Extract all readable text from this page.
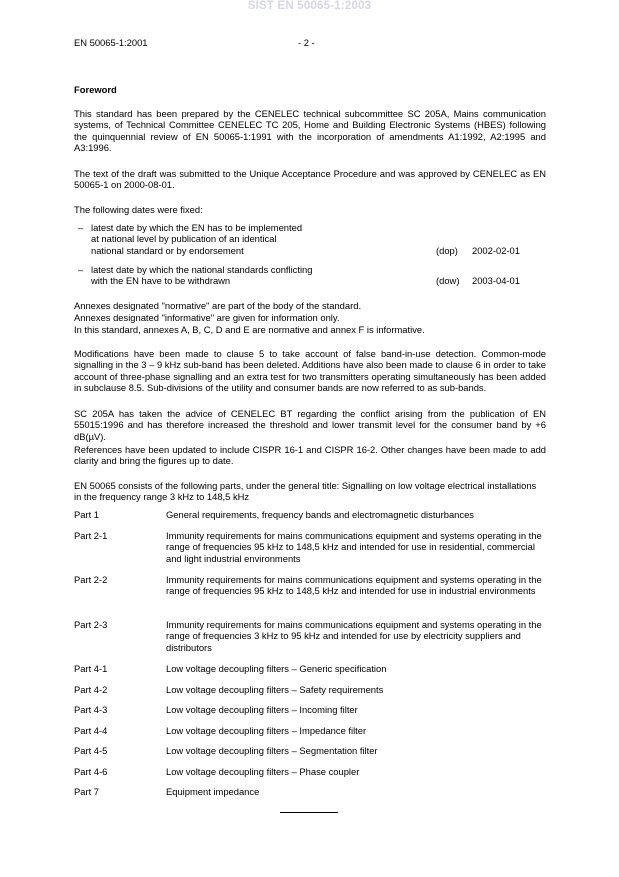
SIST EN 50065-1:2003
EN 50065-1:2001	- 2 -
Foreword
This standard has been prepared by the CENELEC technical subcommittee SC 205A, Mains communication systems, of Technical Committee CENELEC TC 205, Home and Building Electronic Systems (HBES) following the quinquennial review of EN 50065-1:1991 with the incorporation of amendments A1:1992, A2:1995 and A3:1996.
The text of the draft was submitted to the Unique Acceptance Procedure and was approved by CENELEC as EN 50065-1 on 2000-08-01.
The following dates were fixed:
– latest date by which the EN has to be implemented
at national level by publication of an identical
national standard or by endorsement	(dop) 2002-02-01
– latest date by which the national standards conflicting
with the EN have to be withdrawn	(dow) 2003-04-01
Annexes designated "normative" are part of the body of the standard.
Annexes designated "informative" are given for information only.
In this standard, annexes A, B, C, D and E are normative and annex F is informative.
Modifications have been made to clause 5 to take account of false band-in-use detection. Common-mode signalling in the 3 – 9 kHz sub-band has been deleted. Additions have also been made to clause 6 in order to take account of three-phase signalling and an extra test for two transmitters operating simultaneously has been added in subclause 8.5. Sub-divisions of the utility and consumer bands are now referred to as sub-bands.
SC 205A has taken the advice of CENELEC BT regarding the conflict arising from the publication of EN 55015:1996 and has therefore increased the threshold and lower transmit level for the consumer band by +6 dB(µV).
References have been updated to include CISPR 16-1 and CISPR 16-2. Other changes have been made to add clarity and bring the figures up to date.
EN 50065 consists of the following parts, under the general title: Signalling on low voltage electrical installations in the frequency range 3 kHz to 148,5 kHz
Part 1	General requirements, frequency bands and electromagnetic disturbances
Part 2-1	Immunity requirements for mains communications equipment and systems operating in the range of frequencies 95 kHz to 148,5 kHz and intended for use in residential, commercial and light industrial environments
Part 2-2	Immunity requirements for mains communications equipment and systems operating in the range of frequencies 95 kHz to 148,5 kHz and intended for use in industrial environments
Part 2-3	Immunity requirements for mains communications equipment and systems operating in the range of frequencies 3 kHz to 95 kHz and intended for use by electricity suppliers and distributors
Part 4-1	Low voltage decoupling filters – Generic specification
Part 4-2	Low voltage decoupling filters – Safety requirements
Part 4-3	Low voltage decoupling filters – Incoming filter
Part 4-4	Low voltage decoupling filters – Impedance filter
Part 4-5	Low voltage decoupling filters – Segmentation filter
Part 4-6	Low voltage decoupling filters – Phase coupler
Part 7	Equipment impedance
